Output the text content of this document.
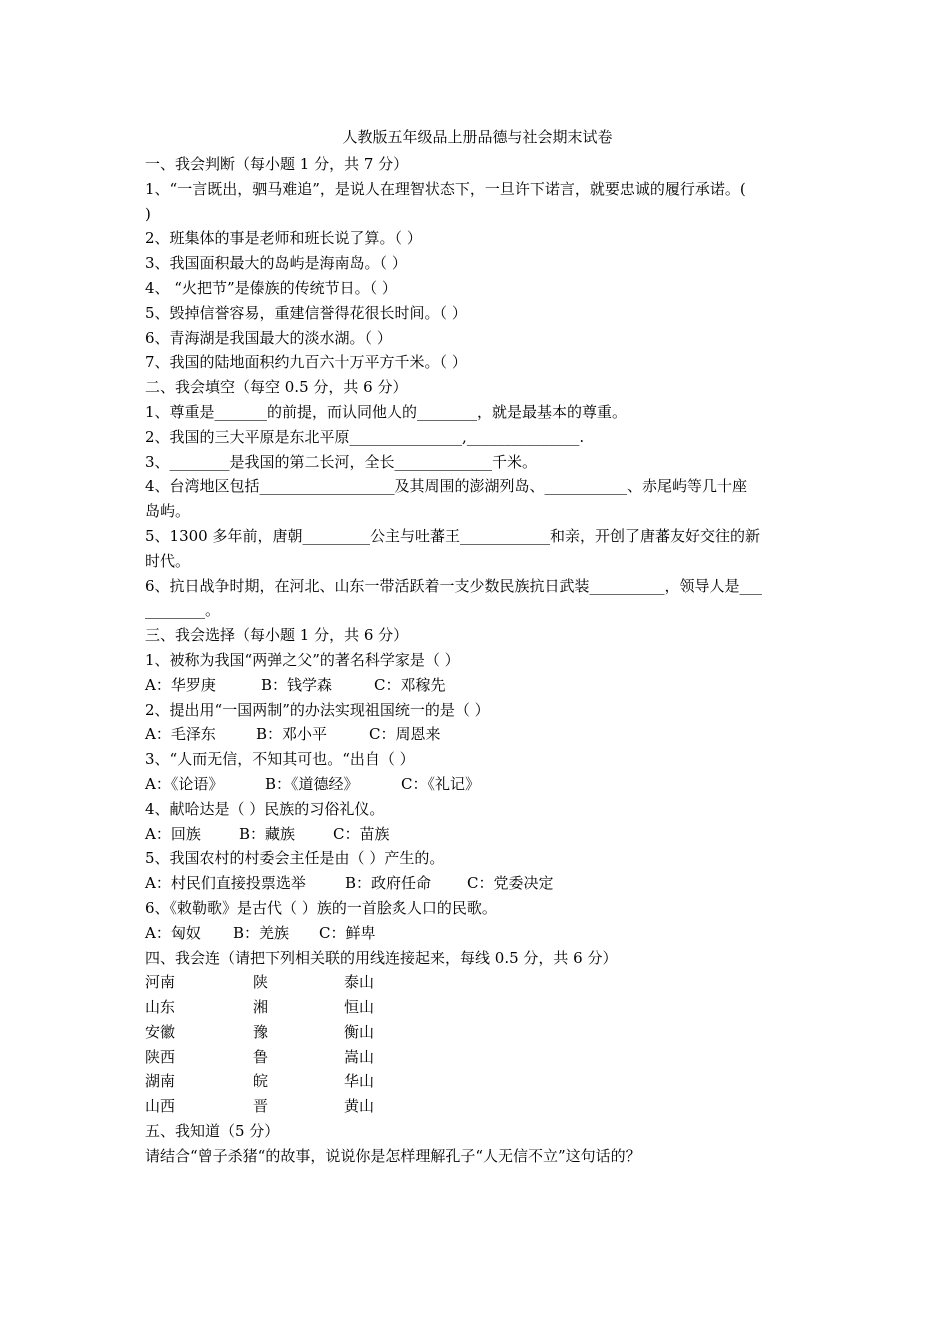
人教版五年级品上册品德与社会期末试卷

一、我会判断（每小题 1 分，共 7 分）

1、“一言既出，驷马难追”，是说人在理智状态下，一旦许下诺言，就要忠诚的履行承诺。(

)

2、班集体的事是老师和班长说了算。（ ）

3、我国面积最大的岛屿是海南岛。（ ）

4、 “火把节”是傣族的传统节日。（ ）

5、毁掉信誉容易，重建信誉得花很长时间。（ ）

6、青海湖是我国最大的淡水湖。（ ）

7、我国的陆地面积约九百六十万平方千米。（ ）

二、我会填空（每空 0.5 分，共 6 分）

1、尊重是_______的前提，而认同他人的________，就是最基本的尊重。

2、我国的三大平原是东北平原_______________,_______________.

3、________是我国的第二长河，全长_____________千米。

4、台湾地区包括__________________及其周围的澎湖列岛、___________、赤尾屿等几十座

岛屿。

5、1300 多年前，唐朝_________公主与吐蕃王____________和亲，开创了唐蕃友好交往的新

时代。

6、抗日战争时期，在河北、山东一带活跃着一支少数民族抗日武装__________，领导人是___

________。

三、我会选择（每小题 1 分，共 6 分）

1、被称为我国“两弹之父”的著名科学家是（ ）

A：华罗庚	B：钱学森	C：邓稼先

2、提出用“一国两制”的办法实现祖国统一的是（ ）

A：毛泽东	B：邓小平	C：周恩来

3、“人而无信，不知其可也。“出自（ ）

A：《论语》	B：《道德经》	C：《礼记》

4、献哈达是（ ）民族的习俗礼仪。

A：回族	B：藏族	C：苗族

5、我国农村的村委会主任是由（ ）产生的。

A：村民们直接投票选举	B：政府任命 C：党委决定

6、《敕勒歌》是古代（ ）族的一首脍炙人口的民歌。

A：匈奴 B：羌族 C：鲜卑

四、我会连（请把下列相关联的用线连接起来，每线 0.5 分，共 6 分）

河南	陕	泰山
山东	湘	恒山
安徽	豫	衡山
陕西	鲁	嵩山
湖南	皖	华山
山西	晋	黄山

五、我知道（5 分）

请结合“曾子杀猪“的故事，说说你是怎样理解孔子“人无信不立”这句话的？
